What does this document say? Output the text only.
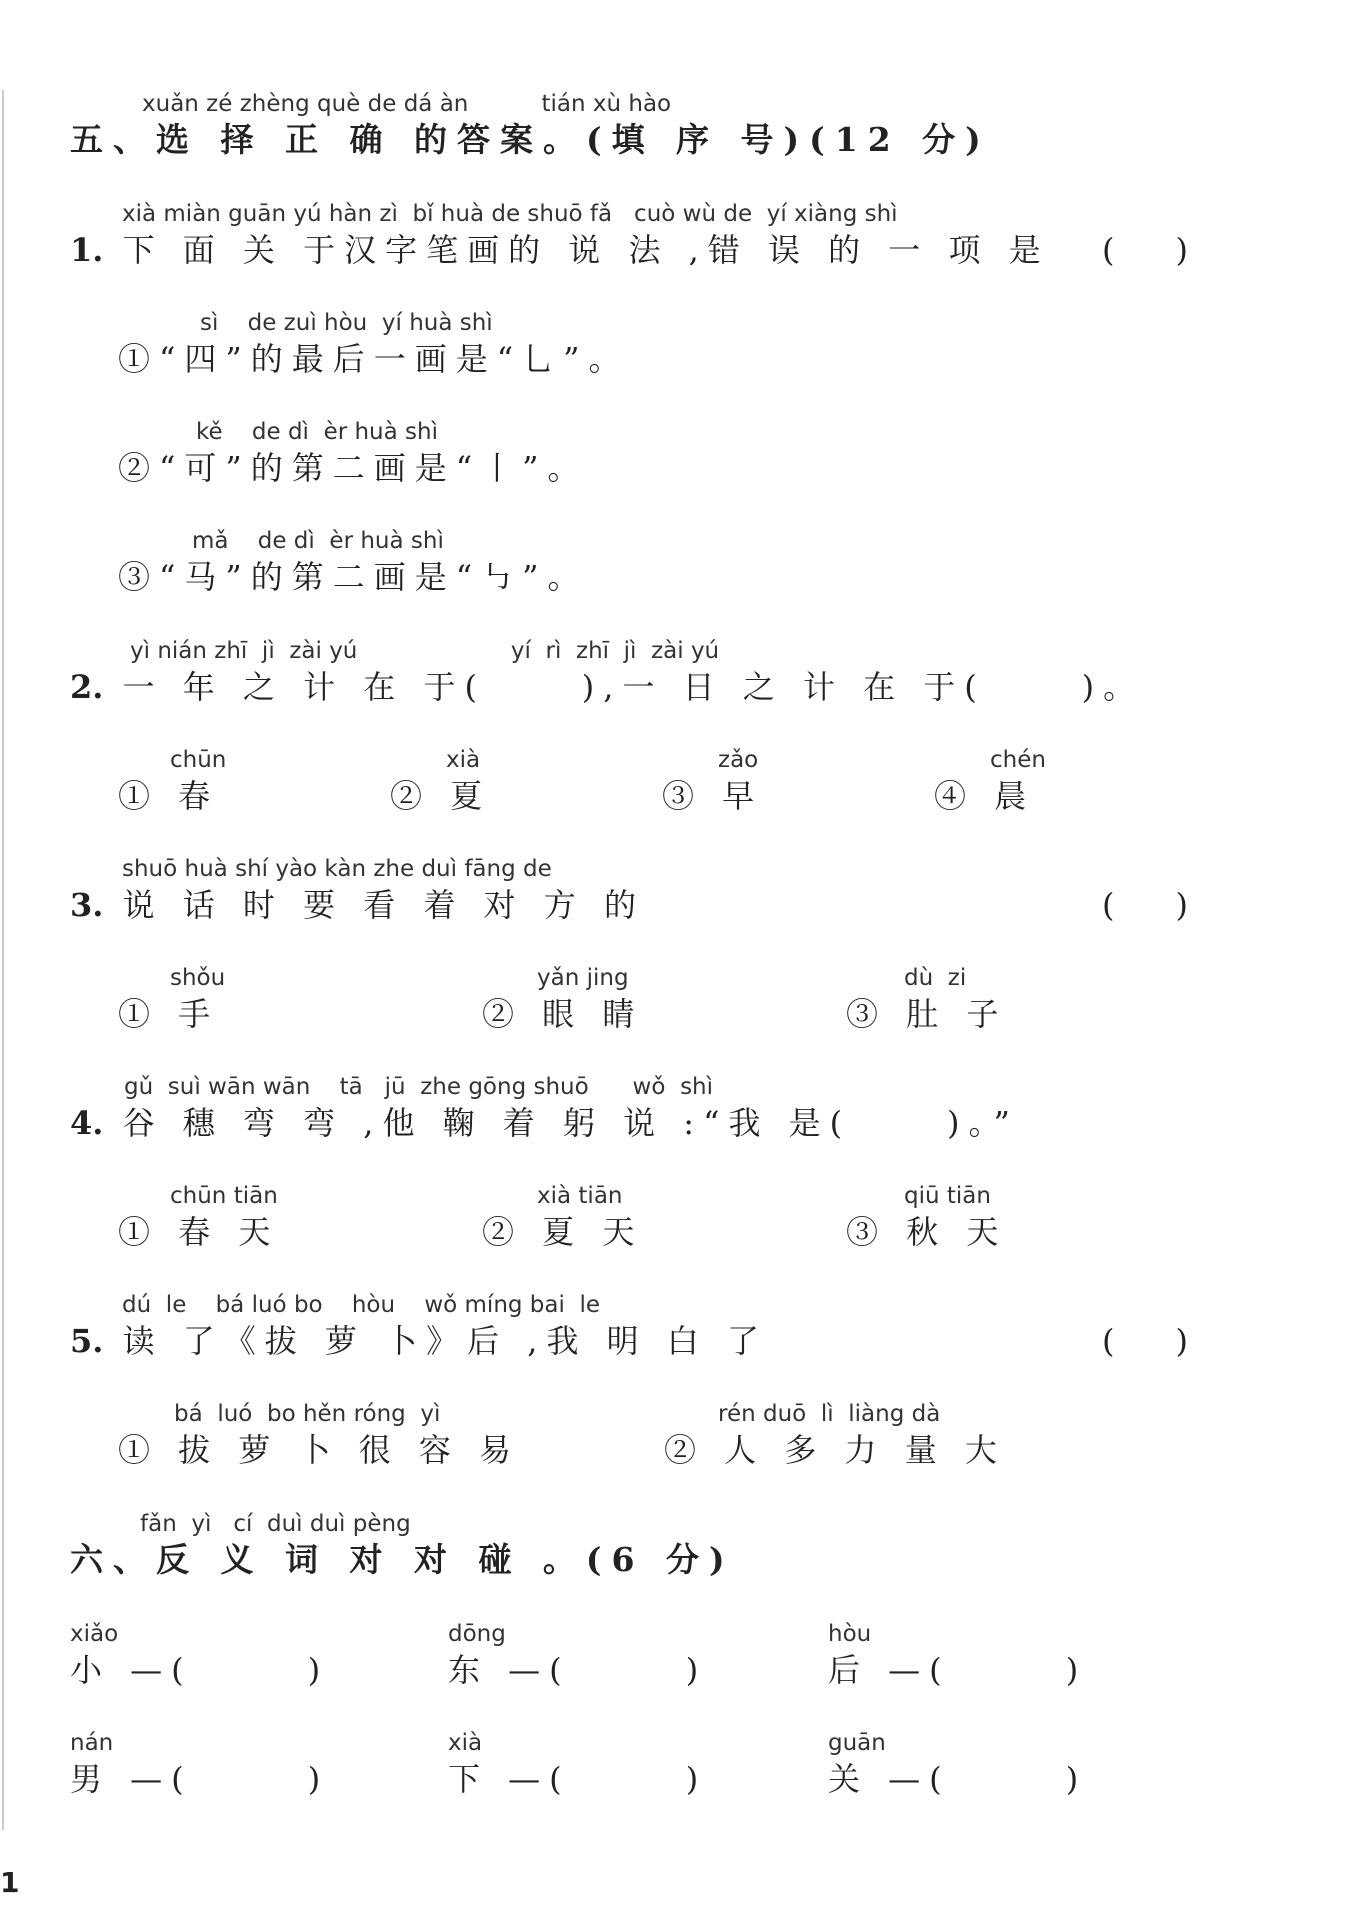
xuǎn zé zhèng què de dá àn          tián xù hào
五、选 择 正 确 的答案。(填 序 号)(12 分)
xià miàn guān yú hàn zì  bǐ huà de shuō fǎ   cuò wù de  yí xiàng shì
1. 下 面 关 于汉字笔画的 说 法 ,错 误 的 一 项 是 (      )
sì    de zuì hòu  yí huà shì
①“四”的最后一画是“乚”。
kě    de dì  èr huà shì
②“可”的第二画是“丨”。
mǎ    de dì  èr huà shì
③“马”的第二画是“㇉”。
yì nián zhī  jì  zài yú                     yí  rì  zhī  jì  zài yú
2. 一 年 之 计 在 于(     ),一 日 之 计 在 于(     )。
chūn
① 春
xià
② 夏
zǎo
③ 早
chén
④ 晨
shuō huà shí yào kàn zhe duì fāng de
3. 说 话 时 要 看 着 对 方 的	(      )
shǒu
① 手
yǎn jing
② 眼 睛
dù  zi
③ 肚 子
gǔ  suì wān wān    tā   jū  zhe gōng shuō      wǒ  shì
4. 谷 穗 弯 弯 ,他 鞠 着 躬 说 :“我 是(     )。”
chūn tiān
① 春 天
xià tiān
② 夏 天
qiū tiān
③ 秋 天
dú  le    bá luó bo    hòu    wǒ míng bai  le
5. 读 了《拔 萝 卜》后 ,我 明 白 了	(      )
bá  luó  bo hěn róng  yì
① 拔 萝 卜 很 容 易
rén duō  lì  liàng dà
② 人 多 力 量 大
fǎn  yì   cí  duì duì pèng
六、反 义 词 对 对 碰 。(6 分)
xiǎo
小 —(      )
dōng
东 —(      )
hòu
后 —(      )
nán
男 —(      )
xià
下 —(      )
guān
关 —(      )
1
